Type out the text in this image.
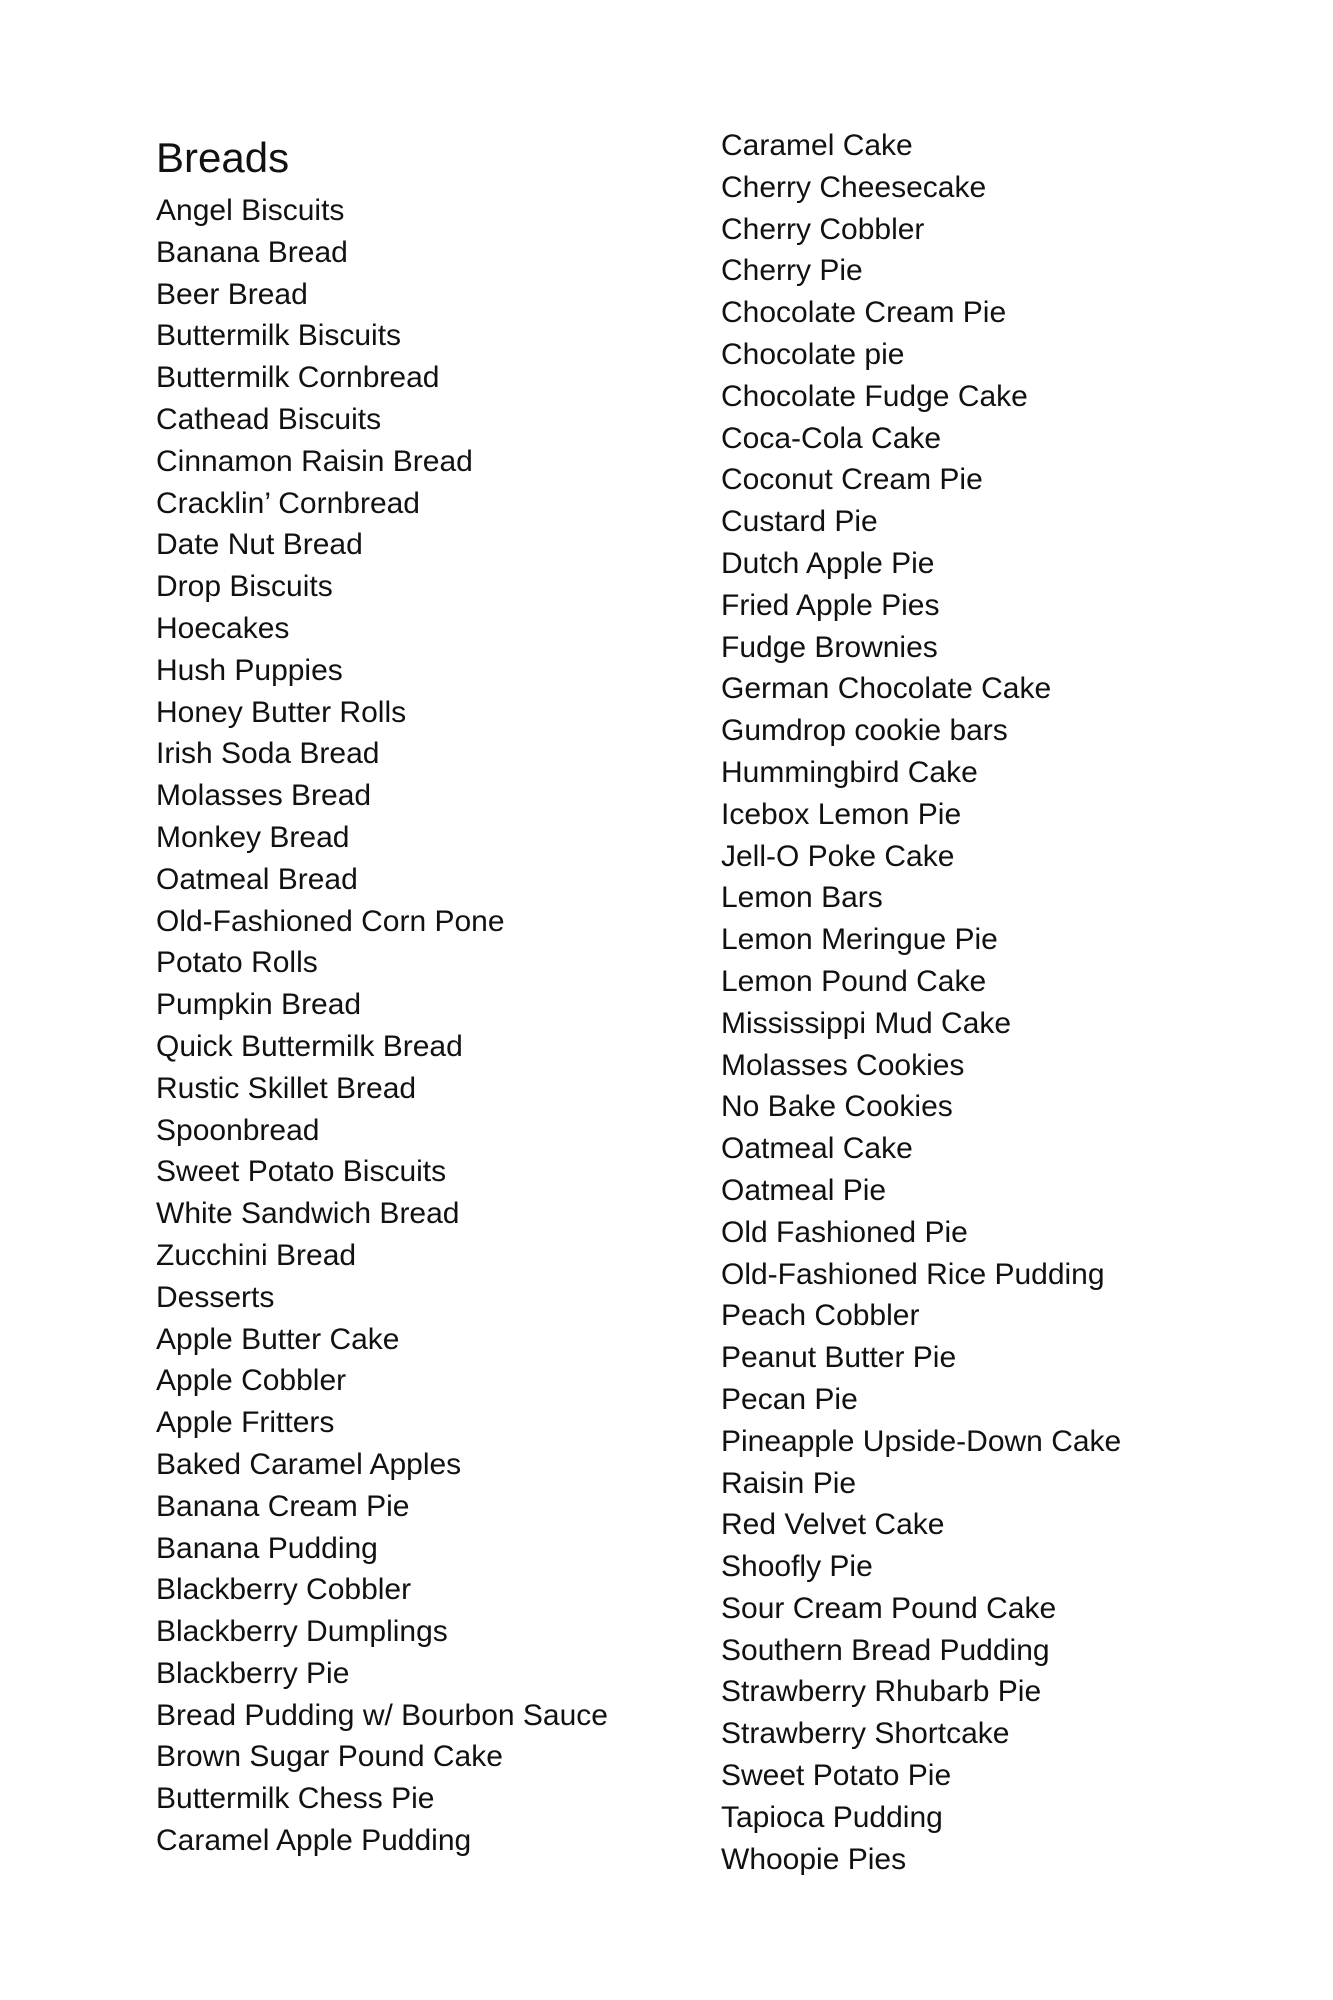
Breads
Angel Biscuits
Banana Bread
Beer Bread
Buttermilk Biscuits
Buttermilk Cornbread
Cathead Biscuits
Cinnamon Raisin Bread
Cracklin’ Cornbread
Date Nut Bread
Drop Biscuits
Hoecakes
Hush Puppies
Honey Butter Rolls
Irish Soda Bread
Molasses Bread
Monkey Bread
Oatmeal Bread
Old-Fashioned Corn Pone
Potato Rolls
Pumpkin Bread
Quick Buttermilk Bread
Rustic Skillet Bread
Spoonbread
Sweet Potato Biscuits
White Sandwich Bread
Zucchini Bread
Desserts
Apple Butter Cake
Apple Cobbler
Apple Fritters
Baked Caramel Apples
Banana Cream Pie
Banana Pudding
Blackberry Cobbler
Blackberry Dumplings
Blackberry Pie
Bread Pudding w/ Bourbon Sauce
Brown Sugar Pound Cake
Buttermilk Chess Pie
Caramel Apple Pudding
Caramel Cake
Cherry Cheesecake
Cherry Cobbler
Cherry Pie
Chocolate Cream Pie
Chocolate pie
Chocolate Fudge Cake
Coca-Cola Cake
Coconut Cream Pie
Custard Pie
Dutch Apple Pie
Fried Apple Pies
Fudge Brownies
German Chocolate Cake
Gumdrop cookie bars
Hummingbird Cake
Icebox Lemon Pie
Jell-O Poke Cake
Lemon Bars
Lemon Meringue Pie
Lemon Pound Cake
Mississippi Mud Cake
Molasses Cookies
No Bake Cookies
Oatmeal Cake
Oatmeal Pie
Old Fashioned Pie
Old-Fashioned Rice Pudding
Peach Cobbler
Peanut Butter Pie
Pecan Pie
Pineapple Upside-Down Cake
Raisin Pie
Red Velvet Cake
Shoofly Pie
Sour Cream Pound Cake
Southern Bread Pudding
Strawberry Rhubarb Pie
Strawberry Shortcake
Sweet Potato Pie
Tapioca Pudding
Whoopie Pies
